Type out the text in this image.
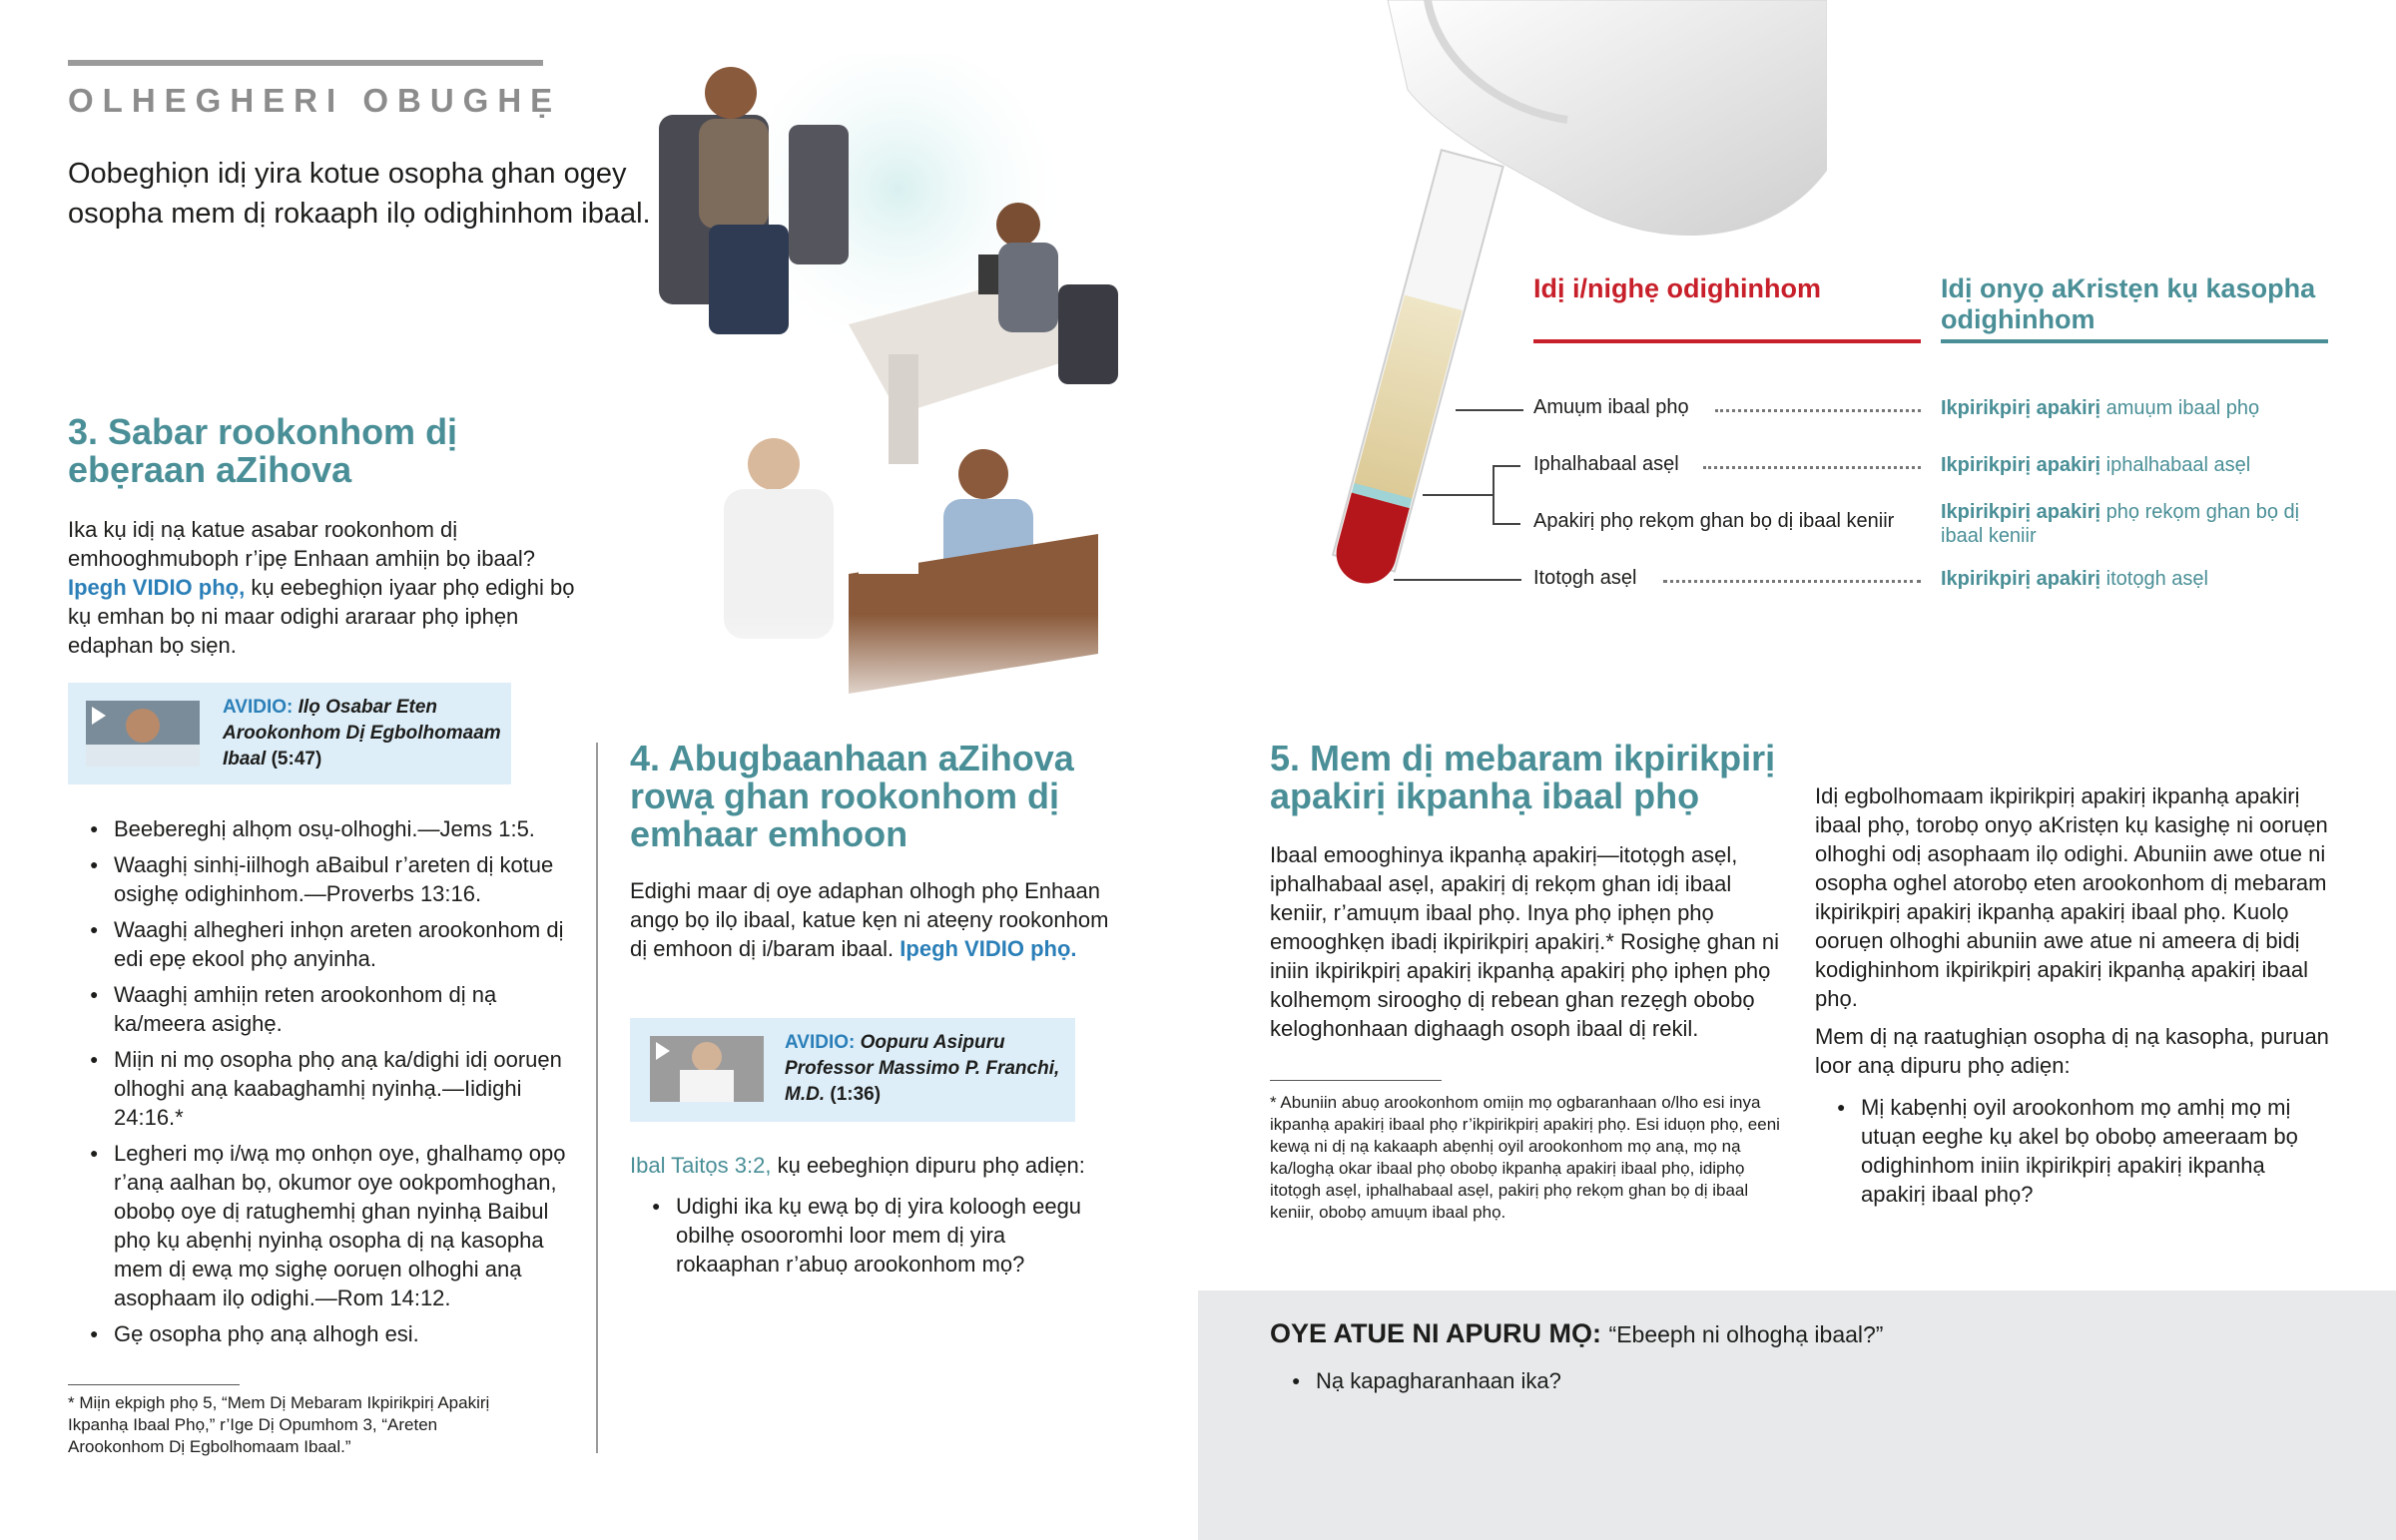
OLHEGHERI OBUGHẸ
Oobeghiọn idị yira kotue osopha ghan ogey osopha mem dị rokaaph ilọ odighinhom ibaal.
3. Sabar rookonhom dị ebẹraan aZihova
Ika kụ idị nạ katue asabar rookonhom dị emhooghmuboph r’ipẹ Enhaan amhiịn bọ ibaal? Ipegh VIDIO phọ, kụ eebeghiọn iyaar phọ edighi bọ kụ emhan bọ ni maar odighi araraar phọ iphẹn edaphan bọ siẹn.
AVIDIO: Ilọ Osabar Eten Arookonhom Dị Egbolhomaam Ibaal (5:47)
● Beebereghị alhọm osụ-olhoghi.—Jems 1:5.
● Waaghị sinhị-iilhogh aBaibul r’areten dị kotue osighẹ odighinhom.—Proverbs 13:16.
● Waaghị alhegheri inhọn areten arookonhom dị edi epẹ ekool phọ anyinha.
● Waaghị amhiịn reten arookonhom dị nạ ka/meera asighẹ.
● Miịn ni mọ osopha phọ anạ ka/dighi idị ooruẹn olhoghi anạ kaabaghamhị nyinhạ.—Iidighi 24:16.*
● Legheri mọ i/wạ mọ onhọn oye, ghalhamọ opọ r’anạ aalhan bọ, okumor oye ookpomhoghan, obobọ oye dị ratughemhị ghan nyinhạ Baibul phọ kụ abẹnhị nyinhạ osopha dị nạ kasopha mem dị ewạ mọ sighẹ ooruẹn olhoghi anạ asophaam ilọ odighi.—Rom 14:12.
● Gẹ osopha phọ anạ alhogh esi.
* Miịn ekpigh phọ 5, “Mem Dị Mebaram Ikpirikpirị Apakirị Ikpanhạ Ibaal Phọ,” r’Ige Dị Opumhom 3, “Areten Arookonhom Dị Egbolhomaam Ibaal.”
4. Abugbaanhaan aZihova rowạ ghan rookonhom dị emhaar emhoon
Edighi maar dị oye adaphan olhogh phọ Enhaan angọ bọ ilọ ibaal, katue kẹn ni ateẹny rookonhom dị emhoon dị i/baram ibaal. Ipegh VIDIO phọ.
AVIDIO: Oopuru Asipuru Professor Massimo P. Franchi, M.D. (1:36)
Ibal Taitọs 3:2, kụ eebeghiọn dipuru phọ adiẹn:
● Udighi ika kụ ewạ bọ dị yira koloogh eegu obilhẹ osooromhi loor mem dị yira rokaaphan r’abuọ arookonhom mọ?
Idị i/nighẹ odighinhom	Idị onyọ aKristẹn kụ kasopha odighinhom
Amuụm ibaal phọ	Ikpirikpirị apakirị amuụm ibaal phọ
Iphalhabaal asẹl	Ikpirikpirị apakirị iphalhabaal asẹl
Apakirị phọ rekọm ghan bọ dị ibaal keniir Ikpirikpirị apakirị phọ rekọm ghan bọ dị ibaal keniir
Itotọgh asẹl	Ikpirikpirị apakirị itotọgh asẹl
5. Mem dị mebaram ikpirikpirị apakirị ikpanhạ ibaal phọ
Ibaal emooghinya ikpanhạ apakirị—itotọgh asẹl, iphalhabaal asẹl, apakirị dị rekọm ghan idị ibaal keniir, r’amuụm ibaal phọ. Inya phọ iphẹn phọ emooghkẹn ibadị ikpirikpirị apakirị.* Rosighẹ ghan ni iniin ikpirikpirị apakirị ikpanhạ apakirị phọ iphẹn phọ kolhemọm sirooghọ dị rebean ghan rezẹgh obobọ keloghonhaan dighaagh osoph ibaal dị rekil.
* Abuniin abuọ arookonhom omiịn mọ ogbaranhaan o/lho esi inya ikpanhạ apakirị ibaal phọ r’ikpirikpirị apakirị phọ. Esi iduọn phọ, eeni kewạ ni dị nạ kakaaph abẹnhị oyil arookonhom mọ anạ, mọ nạ ka/loghạ okar ibaal phọ obobọ ikpanhạ apakirị ibaal phọ, idiphọ itotọgh asẹl, iphalhabaal asẹl, pakirị phọ rekọm ghan bọ dị ibaal keniir, obobọ amuụm ibaal phọ.
Idị egbolhomaam ikpirikpirị apakirị ikpanhạ apakirị ibaal phọ, torobọ onyọ aKristẹn kụ kasighẹ ni ooruẹn olhoghi odị asophaam ilọ odighi. Abuniin awe otue ni osopha oghel atorobọ eten arookonhom dị mebaram ikpirikpirị apakirị ikpanhạ apakirị ibaal phọ. Kuolọ ooruẹn olhoghi abuniin awe atue ni ameera dị bidị kodighinhom ikpirikpirị apakirị ikpanhạ apakirị ibaal phọ.
Mem dị nạ raatughiạn osopha dị nạ kasopha, puruan loor anạ dipuru phọ adiẹn:
● Mị kabẹnhị oyil arookonhom mọ amhị mọ mị utuạn eeghe kụ akel bọ obobọ ameeraam bọ odighinhom iniin ikpirikpirị apakirị ikpanhạ apakirị ibaal phọ?
OYE ATUE NI APURU MỌ: “Ebeeph ni olhoghạ ibaal?”
● Nạ kapagharanhaan ika?
